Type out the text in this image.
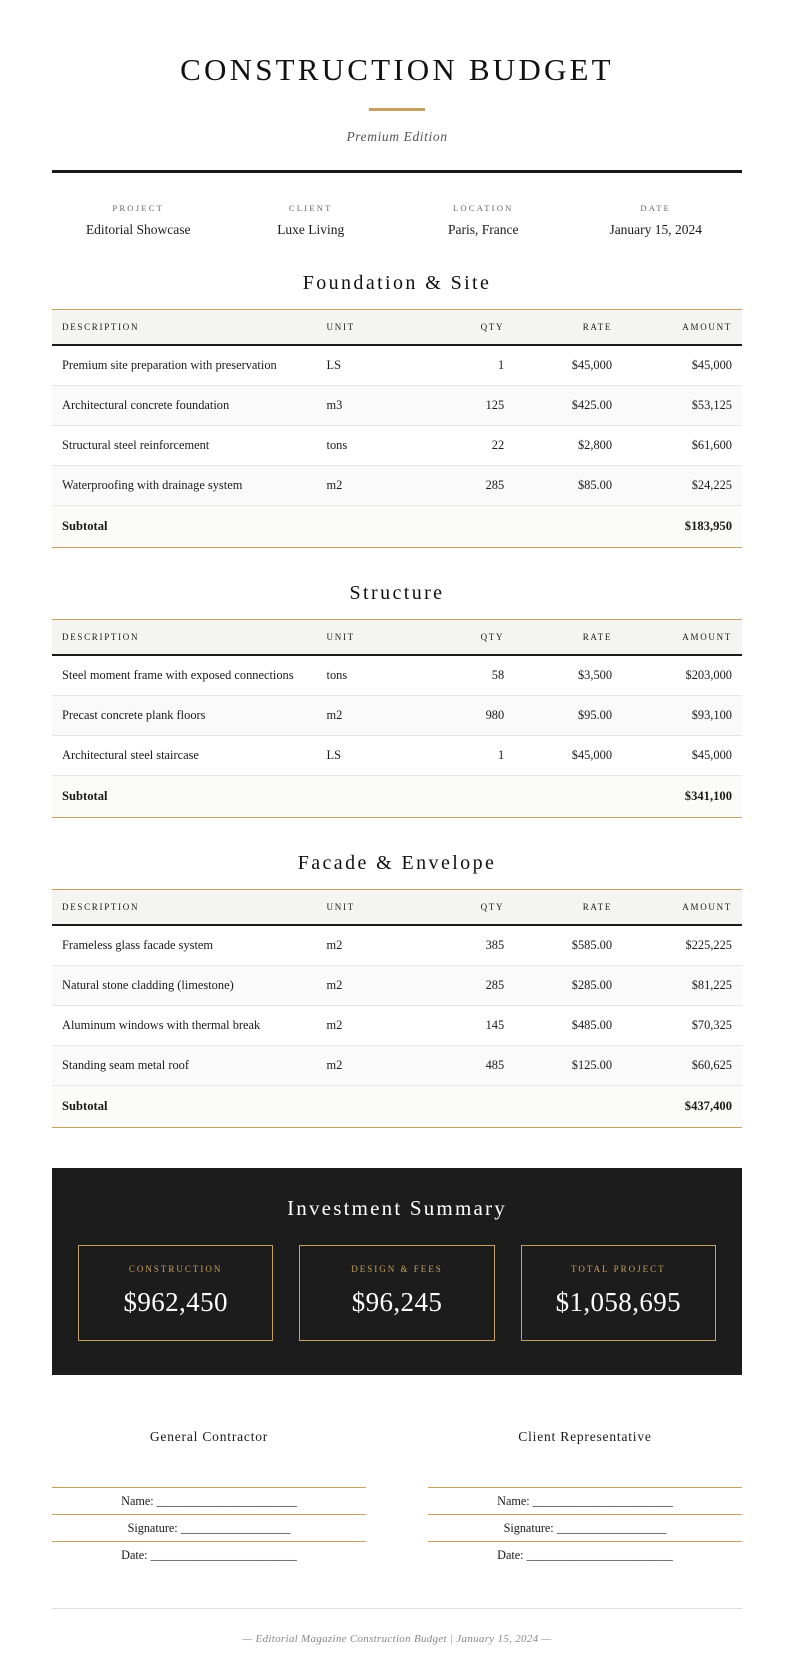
CONSTRUCTION BUDGET
Premium Edition
PROJECT
Editorial Showcase
CLIENT
Luxe Living
LOCATION
Paris, France
DATE
January 15, 2024
Foundation & Site
DESCRIPTION	UNIT	QTY	RATE	AMOUNT
Premium site preparation with preservation	LS	1	$45,000	$45,000
Architectural concrete foundation	m3	125	$425.00	$53,125
Structural steel reinforcement	tons	22	$2,800	$61,600
Waterproofing with drainage system	m2	285	$85.00	$24,225
Subtotal				$183,950
Structure
DESCRIPTION	UNIT	QTY	RATE	AMOUNT
Steel moment frame with exposed connections	tons	58	$3,500	$203,000
Precast concrete plank floors	m2	980	$95.00	$93,100
Architectural steel staircase	LS	1	$45,000	$45,000
Subtotal				$341,100
Facade & Envelope
DESCRIPTION	UNIT	QTY	RATE	AMOUNT
Frameless glass facade system	m2	385	$585.00	$225,225
Natural stone cladding (limestone)	m2	285	$285.00	$81,225
Aluminum windows with thermal break	m2	145	$485.00	$70,325
Standing seam metal roof	m2	485	$125.00	$60,625
Subtotal				$437,400
Investment Summary
CONSTRUCTION
$962,450
DESIGN & FEES
$96,245
TOTAL PROJECT
$1,058,695
General Contractor
Name: _______________________
Signature: __________________
Date: ________________________
Client Representative
Name: _______________________
Signature: __________________
Date: ________________________
— Editorial Magazine Construction Budget | January 15, 2024 —
